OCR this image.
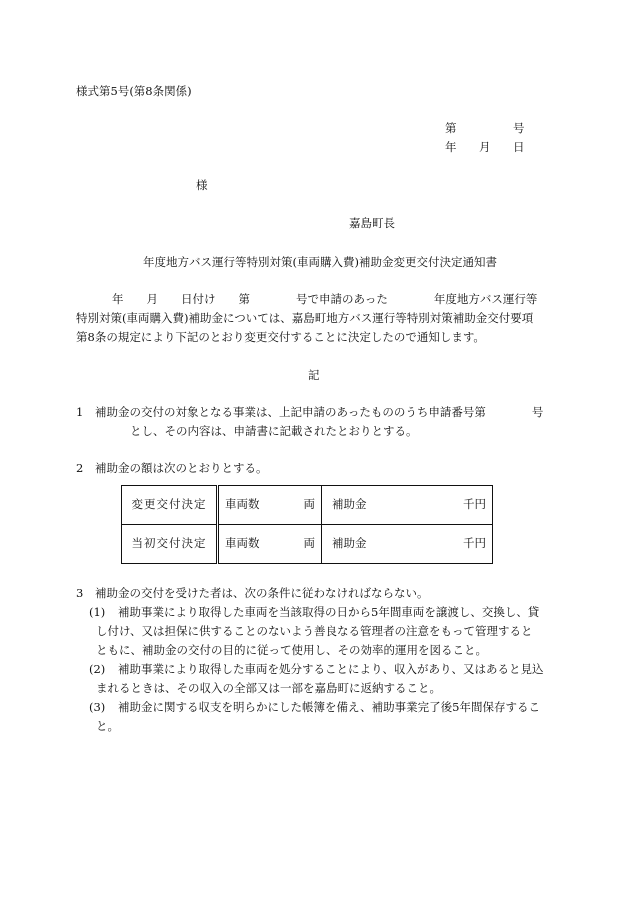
様式第5号(第8条関係)
第	号
年 月 日
様
嘉島町長
年度地方バス運行等特別対策(車両購入費)補助金変更交付決定通知書
年　　月　　日付け　　第　　　　号で申請のあった　　　　年度地方バス運行等
特別対策(車両購入費)補助金については、嘉島町地方バス運行等特別対策補助金交付要項
第8条の規定により下記のとおり変更交付することに決定したので通知します。
記
1 補助金の交付の対象となる事業は、上記申請のあったもののうち申請番号第　　　　号
とし、その内容は、申請書に記載されたとおりとする。
2 補助金の額は次のとおりとする。
変更交付決定	車両数 両	補助金 千円

当初交付決定	車両数 両	補助金 千円
3 補助金の交付を受けた者は、次の条件に従わなければならない。
(1) 補助事業により取得した車両を当該取得の日から5年間車両を譲渡し、交換し、貸
し付け、又は担保に供することのないよう善良なる管理者の注意をもって管理すると
ともに、補助金の交付の目的に従って使用し、その効率的運用を図ること。
(2) 補助事業により取得した車両を処分することにより、収入があり、又はあると見込
まれるときは、その収入の全部又は一部を嘉島町に返納すること。
(3) 補助金に関する収支を明らかにした帳簿を備え、補助事業完了後5年間保存するこ
と。
